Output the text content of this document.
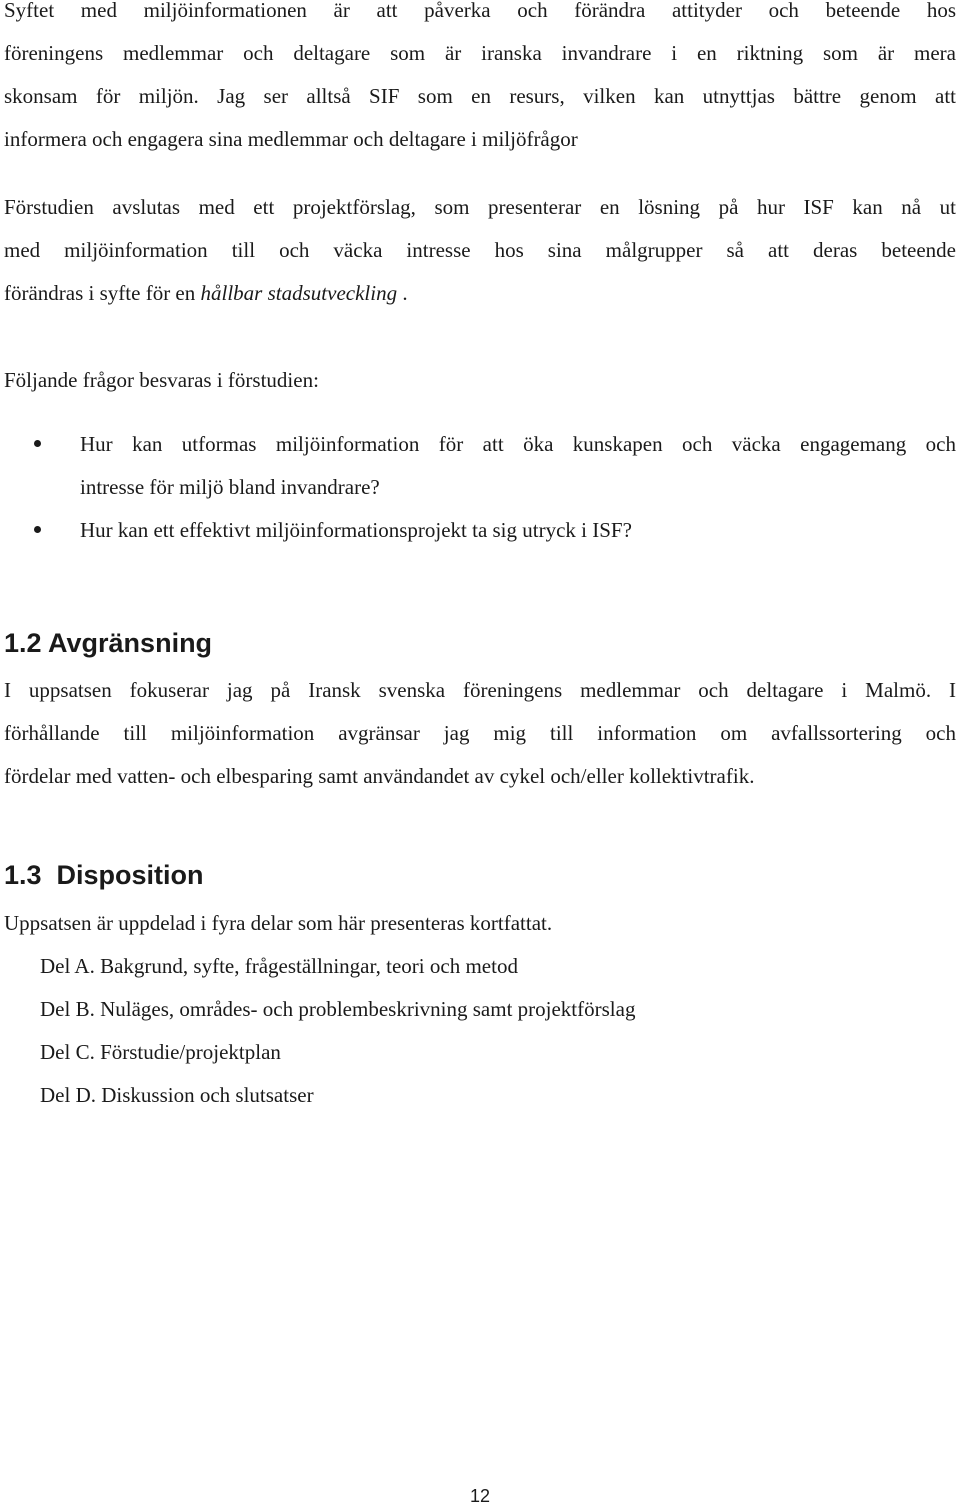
Syftet med miljöinformationen är att påverka och förändra attityder och beteende hos
föreningens medlemmar och deltagare som är iranska invandrare i en riktning som är mera
skonsam för miljön. Jag ser alltså SIF som en resurs, vilken kan utnyttjas bättre genom att
informera och engagera sina medlemmar och deltagare i miljöfrågor

Förstudien avslutas med ett projektförslag, som presenterar en lösning på hur ISF kan nå ut
med miljöinformation till och väcka intresse hos sina målgrupper så att deras beteende
förändras i syfte för en hållbar stadsutveckling .

Följande frågor besvaras i förstudien:

Hur kan utformas miljöinformation för att öka kunskapen och väcka engagemang och
intresse för miljö bland invandrare?
Hur kan ett effektivt miljöinformationsprojekt ta sig utryck i ISF?
1.2 Avgränsning

I uppsatsen fokuserar jag på Iransk svenska föreningens medlemmar och deltagare i Malmö. I
förhållande till miljöinformation avgränsar jag mig till information om avfallssortering och
fördelar med vatten- och elbesparing samt användandet av cykel och/eller kollektivtrafik.

1.3  Disposition

Uppsatsen är uppdelad i fyra delar som här presenteras kortfattat.

Del A. Bakgrund, syfte, frågeställningar, teori och metod
Del B. Nuläges, områdes- och problembeskrivning samt projektförslag
Del C. Förstudie/projektplan
Del D. Diskussion och slutsatser
12
